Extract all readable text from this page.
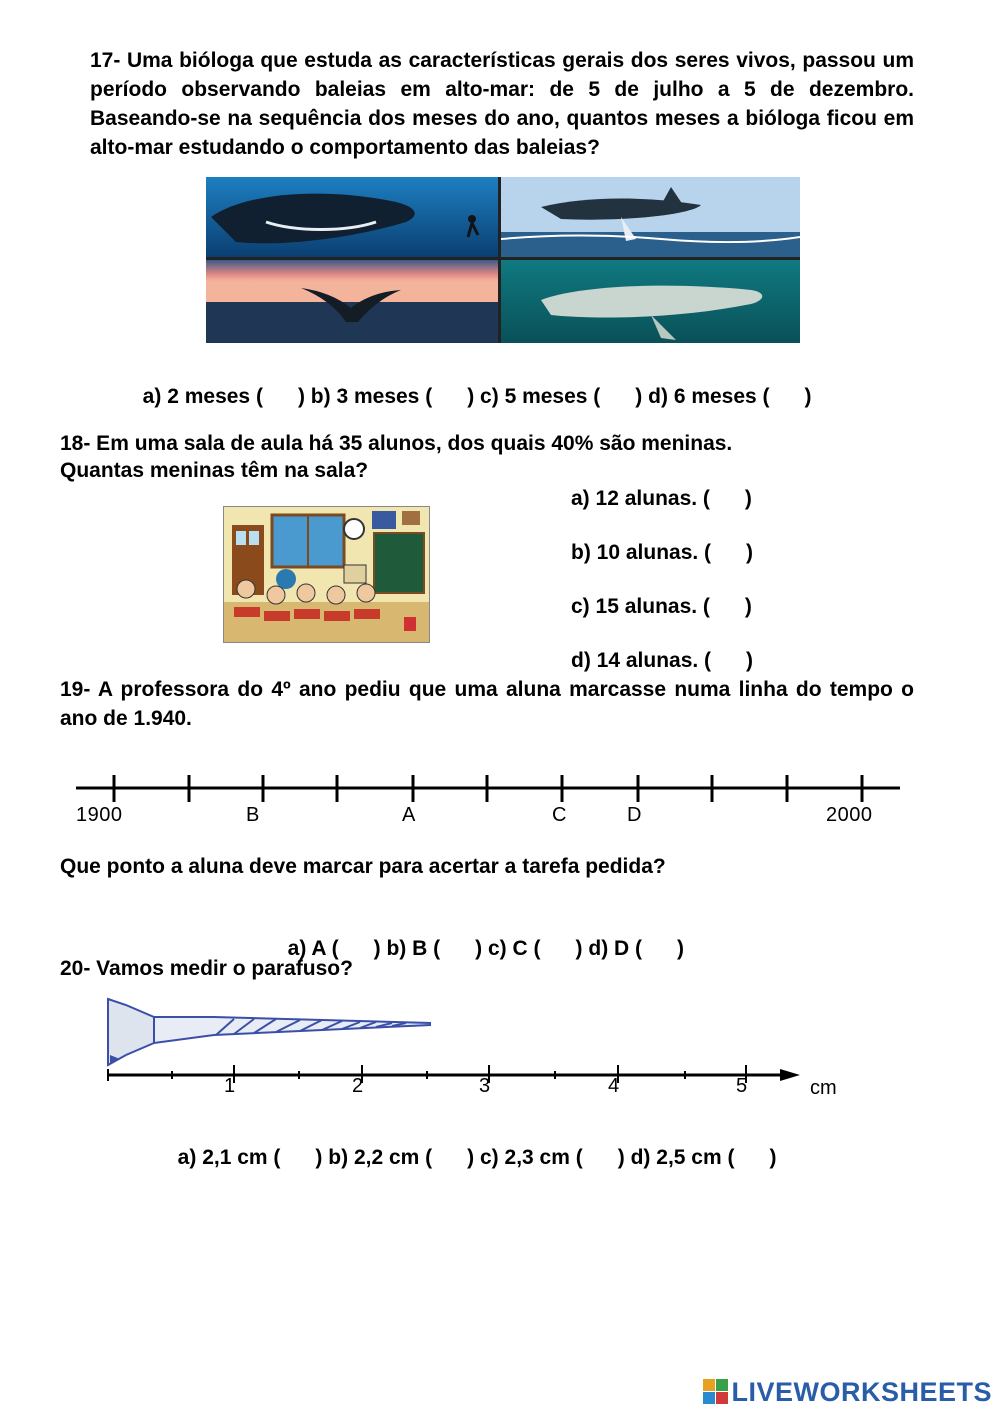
17- Uma bióloga que estuda as características gerais dos seres vivos, passou um período observando baleias em alto-mar: de 5 de julho a 5 de dezembro. Baseando-se na sequência dos meses do ano, quantos meses a bióloga ficou em alto-mar estudando o comportamento das baleias?

a) 2 meses (      ) b) 3 meses (      ) c) 5 meses (      ) d) 6 meses (      )

18- Em uma sala de aula há 35 alunos, dos quais 40% são meninas.
Quantas meninas têm na sala?
a) 12 alunas. (      )
b) 10 alunas. (      )
c) 15 alunas. (      )
d) 14 alunas. (      )
19- A professora do 4º ano pediu que uma aluna marcasse numa linha do tempo o ano de 1.940.
1900	B	A	C	D	2000
Que ponto a aluna deve marcar para acertar a tarefa pedida?

a) A (      ) b) B (      ) c) C (      ) d) D (      )

20- Vamos medir o parafuso?
1	2	3	4	5	cm

a) 2,1 cm (      ) b) 2,2 cm (      ) c) 2,3 cm (      ) d) 2,5 cm (      )

LIVEWORKSHEETS
